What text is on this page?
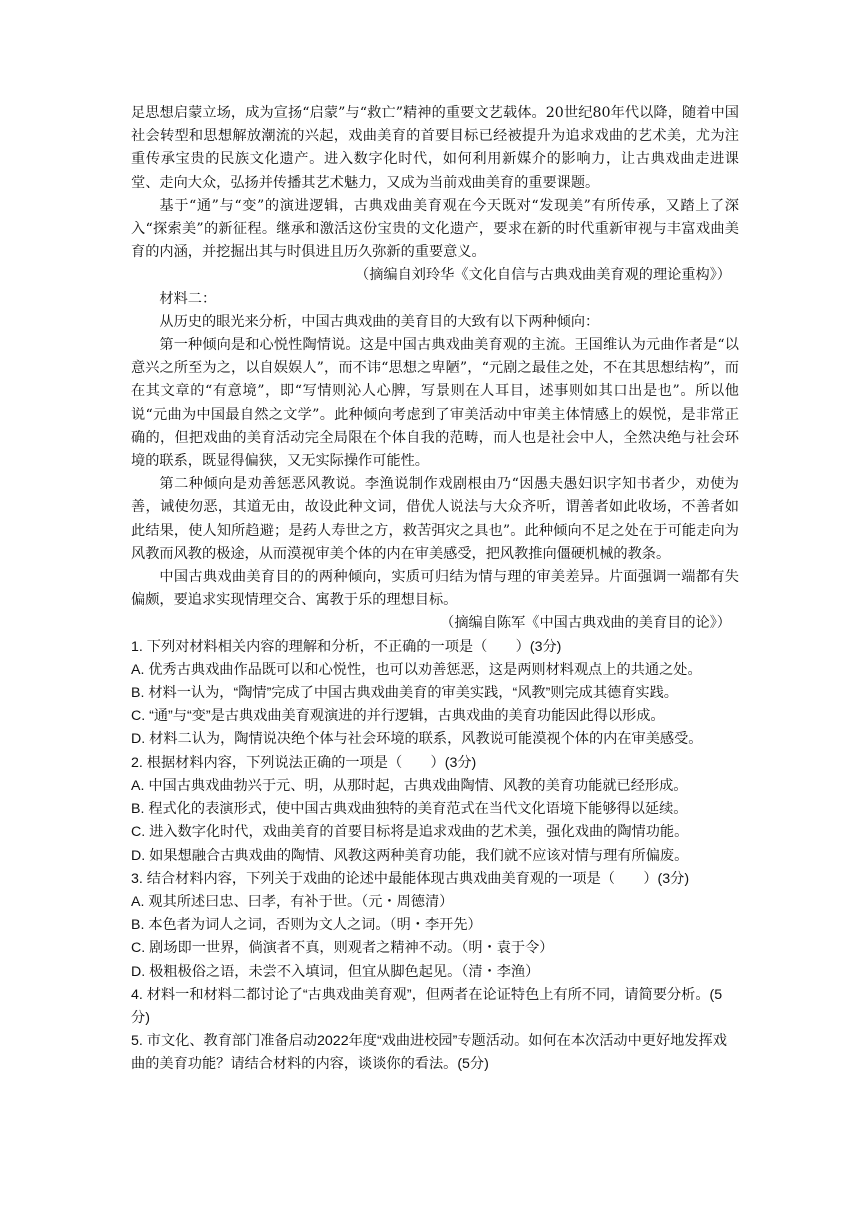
足思想启蒙立场，成为宣扬“启蒙”与“救亡”精神的重要文艺载体。20世纪80年代以降，随着中国社会转型和思想解放潮流的兴起，戏曲美育的首要目标已经被提升为追求戏曲的艺术美，尤为注重传承宝贵的民族文化遗产。进入数字化时代，如何利用新媒介的影响力，让古典戏曲走进课堂、走向大众，弘扬并传播其艺术魅力，又成为当前戏曲美育的重要课题。

基于“通”与“变”的演进逻辑，古典戏曲美育观在今天既对“发现美”有所传承，又踏上了深入“探索美”的新征程。继承和激活这份宝贵的文化遗产，要求在新的时代重新审视与丰富戏曲美育的内涵，并挖掘出其与时俱进且历久弥新的重要意义。

（摘编自刘玲华《文化自信与古典戏曲美育观的理论重构》）

材料二：

从历史的眼光来分析，中国古典戏曲的美育目的大致有以下两种倾向：

第一种倾向是和心悦性陶情说。这是中国古典戏曲美育观的主流。王国维认为元曲作者是“以意兴之所至为之，以自娱娱人”，而不讳“思想之卑陋”，“元剧之最佳之处，不在其思想结构”，而在其文章的“有意境”，即“写情则沁人心脾，写景则在人耳目，述事则如其口出是也”。所以他说“元曲为中国最自然之文学”。此种倾向考虑到了审美活动中审美主体情感上的娱悦，是非常正确的，但把戏曲的美育活动完全局限在个体自我的范畴，而人也是社会中人，全然决绝与社会环境的联系，既显得偏狭，又无实际操作可能性。

第二种倾向是劝善惩恶风教说。李渔说制作戏剧根由乃“因愚夫愚妇识字知书者少，劝使为善，诫使勿恶，其道无由，故设此种文词，借优人说法与大众齐听，谓善者如此收场，不善者如此结果，使人知所趋避；是药人寿世之方，救苦弭灾之具也”。此种倾向不足之处在于可能走向为风教而风教的极途，从而漠视审美个体的内在审美感受，把风教推向僵硬机械的教条。

中国古典戏曲美育目的的两种倾向，实质可归结为情与理的审美差异。片面强调一端都有失偏颇，要追求实现情理交合、寓教于乐的理想目标。

（摘编自陈军《中国古典戏曲的美育目的论》）

1. 下列对材料相关内容的理解和分析，不正确的一项是（　　）(3分)

A. 优秀古典戏曲作品既可以和心悦性，也可以劝善惩恶，这是两则材料观点上的共通之处。

B. 材料一认为，“陶情”完成了中国古典戏曲美育的审美实践，“风教”则完成其德育实践。

C. “通”与“变”是古典戏曲美育观演进的并行逻辑，古典戏曲的美育功能因此得以形成。

D. 材料二认为，陶情说决绝个体与社会环境的联系，风教说可能漠视个体的内在审美感受。

2. 根据材料内容，下列说法正确的一项是（　　）(3分)

A. 中国古典戏曲勃兴于元、明，从那时起，古典戏曲陶情、风教的美育功能就已经形成。

B. 程式化的表演形式，使中国古典戏曲独特的美育范式在当代文化语境下能够得以延续。

C. 进入数字化时代，戏曲美育的首要目标将是追求戏曲的艺术美，强化戏曲的陶情功能。

D. 如果想融合古典戏曲的陶情、风教这两种美育功能，我们就不应该对情与理有所偏废。

3. 结合材料内容，下列关于戏曲的论述中最能体现古典戏曲美育观的一项是（　　）(3分)

A. 观其所述曰忠、曰孝，有补于世。（元・周德清）

B. 本色者为词人之词，否则为文人之词。（明・李开先）

C. 剧场即一世界，倘演者不真，则观者之精神不动。（明・袁于令）

D. 极粗极俗之语，未尝不入填词，但宜从脚色起见。（清・李渔）

4. 材料一和材料二都讨论了“古典戏曲美育观”，但两者在论证特色上有所不同，请简要分析。(5分)

5. 市文化、教育部门准备启动2022年度“戏曲进校园”专题活动。如何在本次活动中更好地发挥戏曲的美育功能？请结合材料的内容，谈谈你的看法。(5分)
